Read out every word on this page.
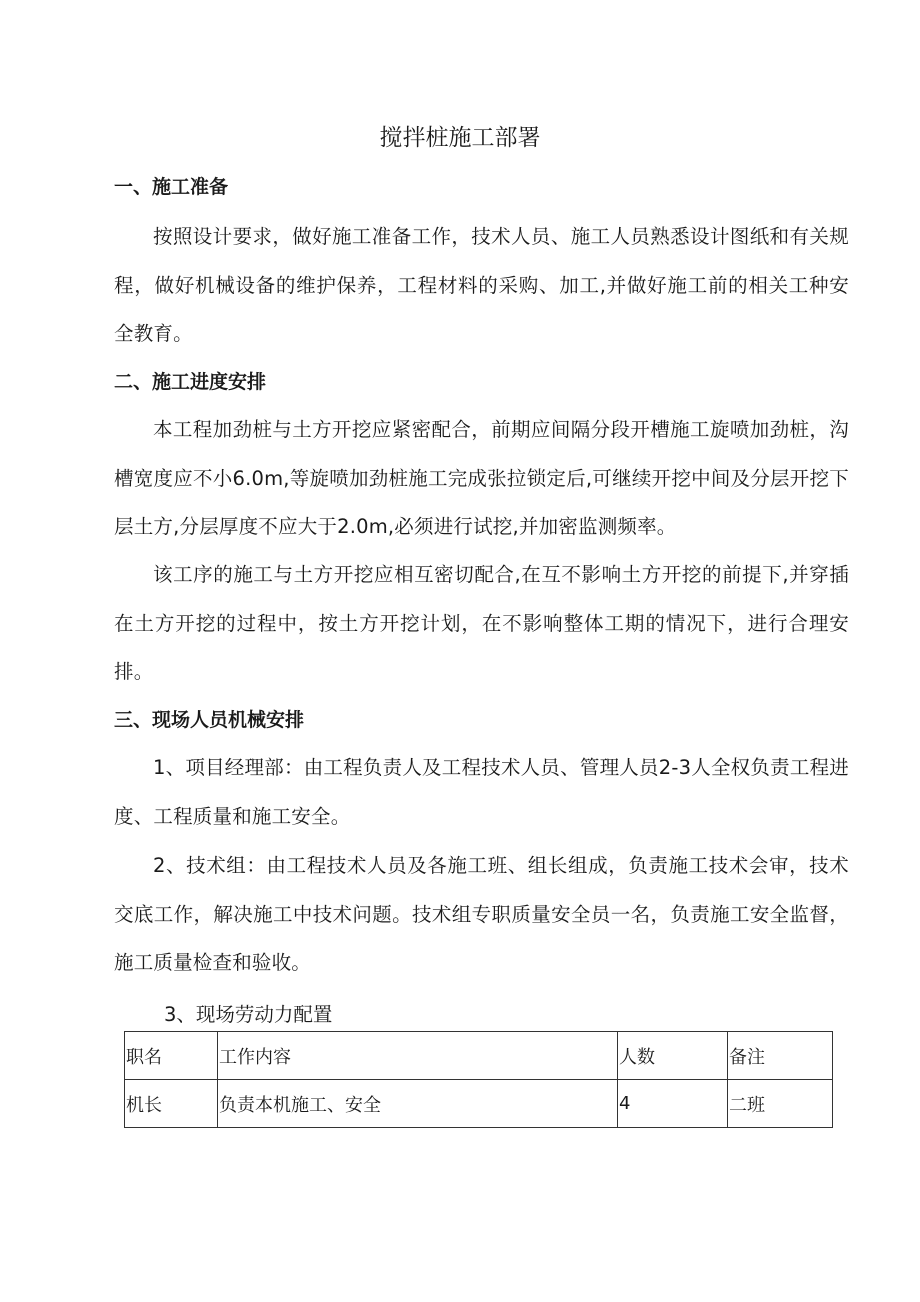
搅拌桩施工部署
一、施工准备

按照设计要求，做好施工准备工作，技术人员、施工人员熟悉设计图纸和有关规程，做好机械设备的维护保养，工程材料的采购、加工,并做好施工前的相关工种安全教育。

二、施工进度安排

本工程加劲桩与土方开挖应紧密配合，前期应间隔分段开槽施工旋喷加劲桩，沟槽宽度应不小6.0m,等旋喷加劲桩施工完成张拉锁定后,可继续开挖中间及分层开挖下层土方,分层厚度不应大于2.0m,必须进行试挖,并加密监测频率。

该工序的施工与土方开挖应相互密切配合,在互不影响土方开挖的前提下,并穿插在土方开挖的过程中，按土方开挖计划，在不影响整体工期的情况下，进行合理安排。

三、现场人员机械安排

1、项目经理部：由工程负责人及工程技术人员、管理人员2-3人全权负责工程进度、工程质量和施工安全。

2、技术组：由工程技术人员及各施工班、组长组成，负责施工技术会审，技术交底工作，解决施工中技术问题。技术组专职质量安全员一名，负责施工安全监督，施工质量检查和验收。

3、现场劳动力配置

职名	工作内容	人数	备注
机长	负责本机施工、安全	4	二班
